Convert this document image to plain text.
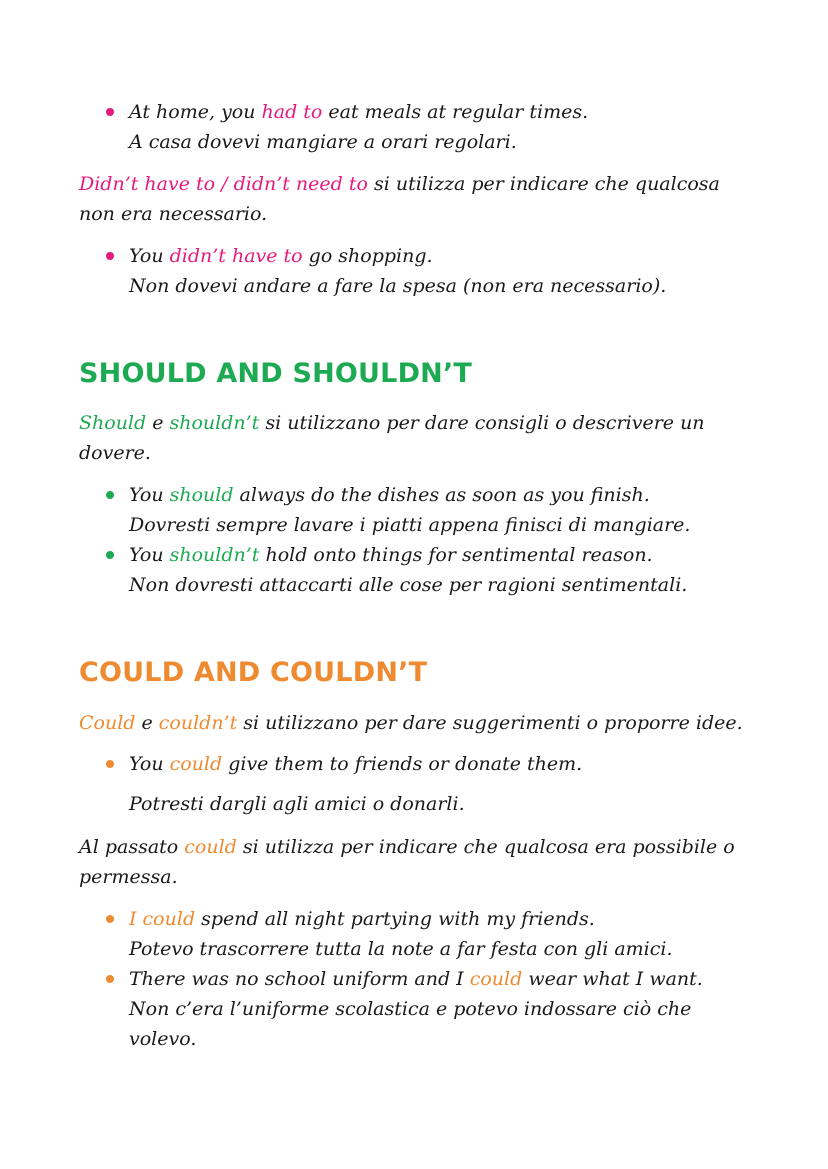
At home, you had to eat meals at regular times.
A casa dovevi mangiare a orari regolari.

Didn’t have to / didn’t need to si utilizza per indicare che qualcosa
non era necessario.

You didn’t have to go shopping.
Non dovevi andare a fare la spesa (non era necessario).
SHOULD AND SHOULDN’T

Should e shouldn’t si utilizzano per dare consigli o descrivere un
dovere.

You should always do the dishes as soon as you finish.
Dovresti sempre lavare i piatti appena finisci di mangiare.
You shouldn’t hold onto things for sentimental reason.
Non dovresti attaccarti alle cose per ragioni sentimentali.
COULD AND COULDN’T

Could e couldn’t si utilizzano per dare suggerimenti o proporre idee.

You could give them to friends or donate them.
Potresti dargli agli amici o donarli.

Al passato could si utilizza per indicare che qualcosa era possibile o
permessa.

I could spend all night partying with my friends.
Potevo trascorrere tutta la note a far festa con gli amici.
There was no school uniform and I could wear what I want.
Non c’era l’uniforme scolastica e potevo indossare ciò che
volevo.
